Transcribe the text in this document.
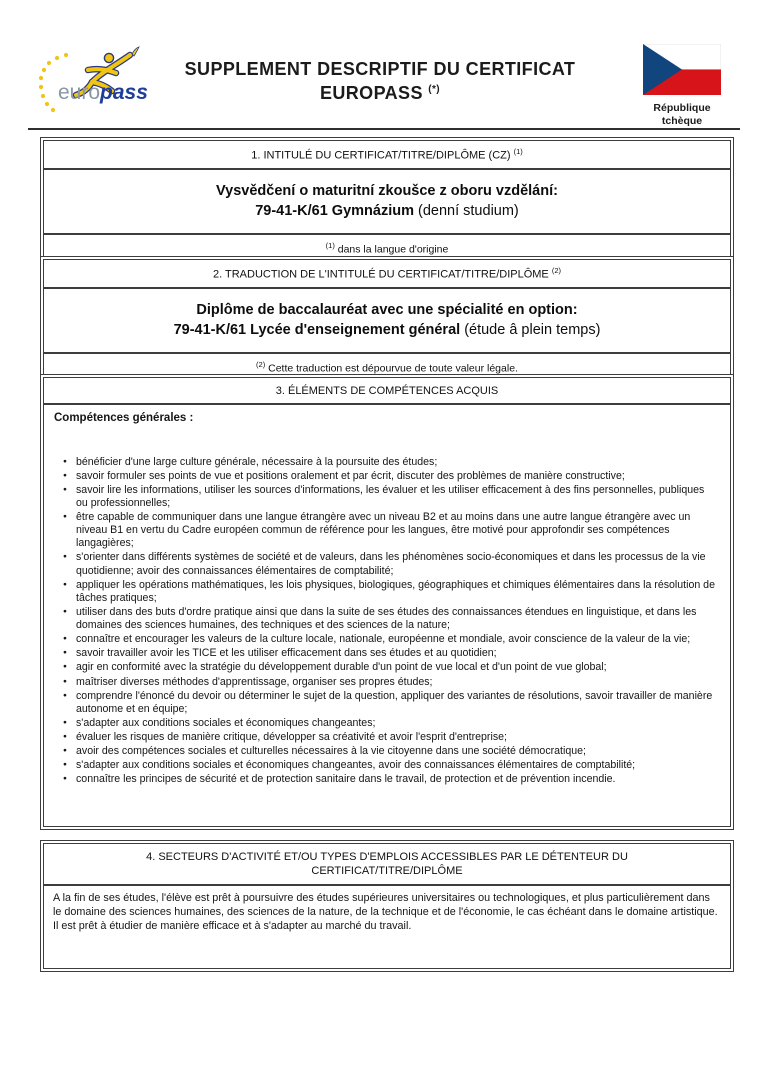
europass
SUPPLEMENT DESCRIPTIF DU CERTIFICAT
EUROPASS (*)
République
tchèque
1. INTITULÉ DU CERTIFICAT/TITRE/DIPLÔME (CZ) $^{(1)}$
Vysvědčení o maturitní zkoušce z oboru vzdělání:
79-41-K/61 Gymnázium (denní studium)
$^{(1)}$ dans la langue d'origine
2. TRADUCTION DE L'INTITULÉ DU CERTIFICAT/TITRE/DIPLÔME $^{(2)}$
Diplôme de baccalauréat avec une spécialité en option:
79-41-K/61 Lycée d'enseignement général (étude â plein temps)
$^{(2)}$ Cette traduction est dépourvue de toute valeur légale.
3. ÉLÉMENTS DE COMPÉTENCES ACQUIS
Compétences générales :
●
bénéficier d'une large culture générale, nécessaire à la poursuite des études;
●
savoir formuler ses points de vue et positions oralement et par écrit, discuter des problèmes de manière constructive;
●
savoir lire les informations, utiliser les sources d'informations, les évaluer et les utiliser efficacement à des fins personnelles, publiques ou professionnelles;
●
être capable de communiquer dans une langue étrangère avec un niveau B2 et au moins dans une autre langue étrangère avec un niveau B1 en vertu du Cadre européen commun de référence pour les langues, être motivé pour approfondir ses compétences langagières;
●
s'orienter dans différents systèmes de société et de valeurs, dans les phénomènes socio-économiques et dans les processus de la vie quotidienne; avoir des connaissances élémentaires de comptabilité;
●
appliquer les opérations mathématiques, les lois physiques, biologiques, géographiques et chimiques élémentaires dans la résolution de tâches pratiques;
●
utiliser dans des buts d'ordre pratique ainsi que dans la suite de ses études des connaissances étendues en linguistique, et dans les domaines des sciences humaines, des techniques et des sciences de la nature;
●
connaître et encourager les valeurs de la culture locale, nationale, européenne et mondiale, avoir conscience de la valeur de la vie;
●
savoir travailler avoir les TICE et les utiliser efficacement dans ses études et au quotidien;
●
agir en conformité avec la stratégie du développement durable d'un point de vue local et d'un point de vue global;
●
maîtriser diverses méthodes d'apprentissage, organiser ses propres études;
●
comprendre l'énoncé du devoir ou déterminer le sujet de la question, appliquer des variantes de résolutions, savoir travailler de manière autonome et en équipe;
●
s'adapter aux conditions sociales et économiques changeantes;
●
évaluer les risques de manière critique, développer sa créativité et avoir l'esprit d'entreprise;
●
avoir des compétences sociales et culturelles nécessaires à la vie citoyenne dans une société démocratique;
●
s'adapter aux conditions sociales et économiques changeantes, avoir des connaissances élémentaires de comptabilité;
●
connaître les principes de sécurité et de protection sanitaire dans le travail, de protection et de prévention incendie.
4. SECTEURS D'ACTIVITÉ ET/OU TYPES D'EMPLOIS ACCESSIBLES PAR LE DÉTENTEUR DU CERTIFICAT/TITRE/DIPLÔME
A la fin de ses études, l'élève est prêt à poursuivre des études supérieures universitaires ou technologiques, et plus particulièrement dans le domaine des sciences humaines, des sciences de la nature, de la technique et de l'économie, le cas échéant dans le domaine artistique. Il est prêt à étudier de manière efficace et à s'adapter au marché du travail.
